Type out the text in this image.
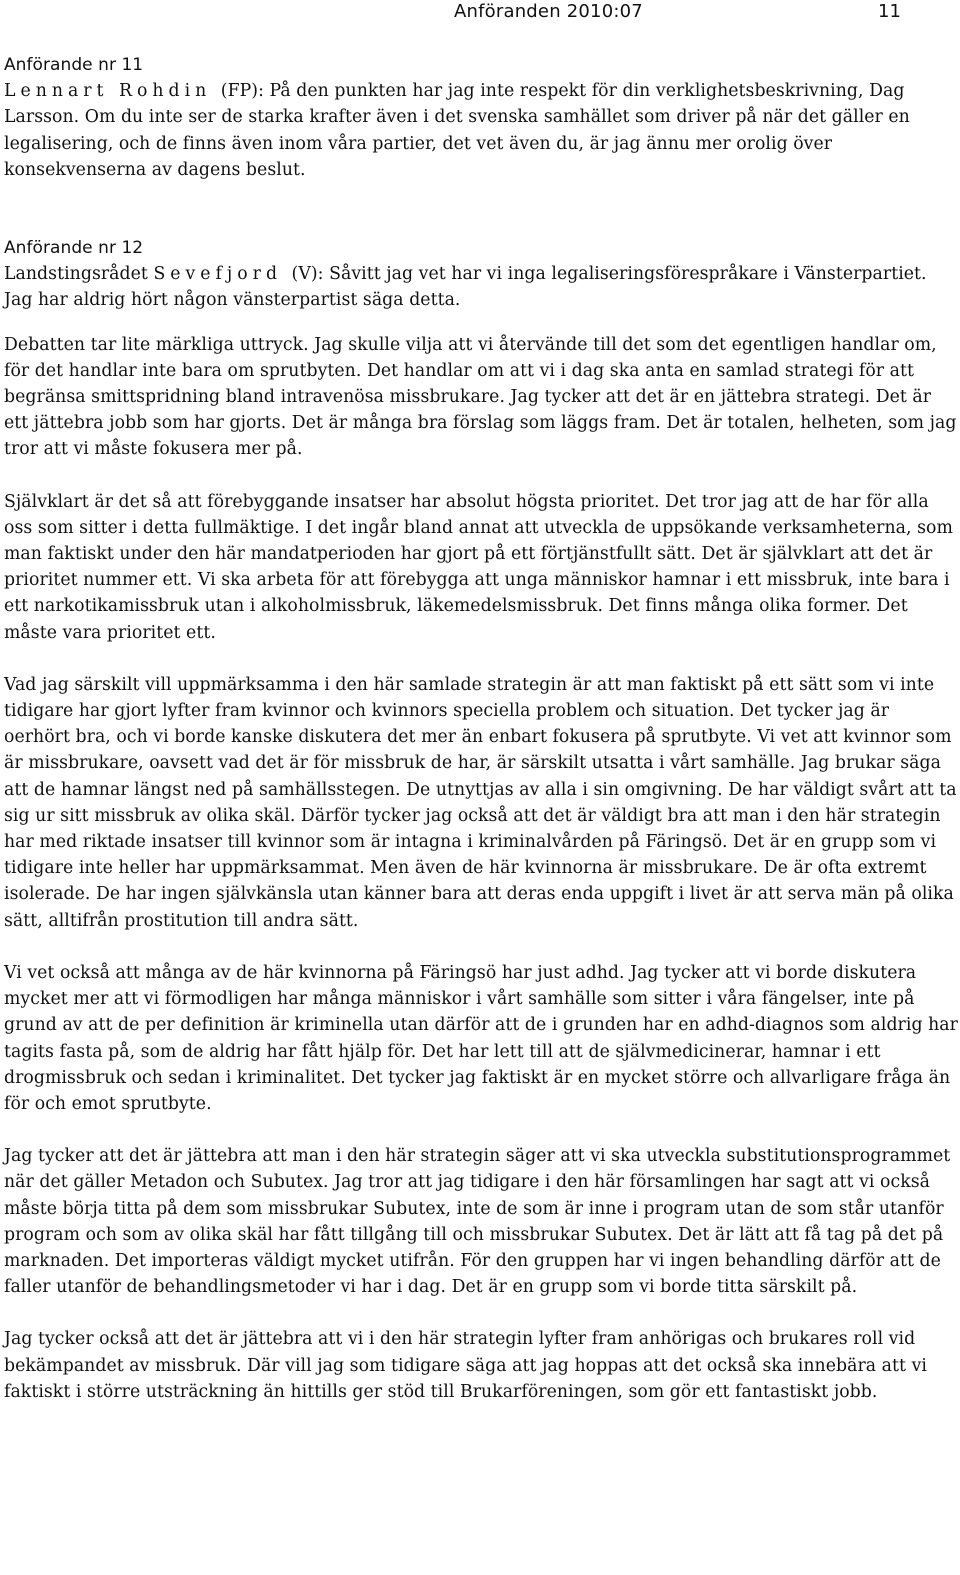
Anföranden 2010:07	11
Anförande nr 11

Lennart Rohdin (FP): På den punkten har jag inte respekt för din verklighetsbeskrivning, Dag Larsson. Om du inte ser de starka krafter även i det svenska samhället som driver på när det gäller en legalisering, och de finns även inom våra partier, det vet även du, är jag ännu mer orolig över konsekvenserna av dagens beslut.

Anförande nr 12

Landstingsrådet Sevefjord (V): Såvitt jag vet har vi inga legaliseringsförespråkare i Vänsterpartiet. Jag har aldrig hört någon vänsterpartist säga detta.

Debatten tar lite märkliga uttryck. Jag skulle vilja att vi återvände till det som det egentligen handlar om, för det handlar inte bara om sprutbyten. Det handlar om att vi i dag ska anta en samlad strategi för att begränsa smittspridning bland intravenösa missbrukare. Jag tycker att det är en jättebra strategi. Det är ett jättebra jobb som har gjorts. Det är många bra förslag som läggs fram. Det är totalen, helheten, som jag tror att vi måste fokusera mer på.

Självklart är det så att förebyggande insatser har absolut högsta prioritet. Det tror jag att de har för alla oss som sitter i detta fullmäktige. I det ingår bland annat att utveckla de uppsökande verksamheterna, som man faktiskt under den här mandatperioden har gjort på ett förtjänstfullt sätt. Det är självklart att det är prioritet nummer ett. Vi ska arbeta för att förebygga att unga människor hamnar i ett missbruk, inte bara i ett narkotikamissbruk utan i alkoholmissbruk, läkemedelsmissbruk. Det finns många olika former. Det måste vara prioritet ett.

Vad jag särskilt vill uppmärksamma i den här samlade strategin är att man faktiskt på ett sätt som vi inte tidigare har gjort lyfter fram kvinnor och kvinnors speciella problem och situation. Det tycker jag är oerhört bra, och vi borde kanske diskutera det mer än enbart fokusera på sprutbyte. Vi vet att kvinnor som är missbrukare, oavsett vad det är för missbruk de har, är särskilt utsatta i vårt samhälle. Jag brukar säga att de hamnar längst ned på samhällsstegen. De utnyttjas av alla i sin omgivning. De har väldigt svårt att ta sig ur sitt missbruk av olika skäl. Därför tycker jag också att det är väldigt bra att man i den här strategin har med riktade insatser till kvinnor som är intagna i kriminalvården på Färingsö. Det är en grupp som vi tidigare inte heller har uppmärksammat. Men även de här kvinnorna är missbrukare. De är ofta extremt isolerade. De har ingen självkänsla utan känner bara att deras enda uppgift i livet är att serva män på olika sätt, alltifrån prostitution till andra sätt.

Vi vet också att många av de här kvinnorna på Färingsö har just adhd. Jag tycker att vi borde diskutera mycket mer att vi förmodligen har många människor i vårt samhälle som sitter i våra fängelser, inte på grund av att de per definition är kriminella utan därför att de i grunden har en adhd-diagnos som aldrig har tagits fasta på, som de aldrig har fått hjälp för. Det har lett till att de självmedicinerar, hamnar i ett drogmissbruk och sedan i kriminalitet. Det tycker jag faktiskt är en mycket större och allvarligare fråga än för och emot sprutbyte.

Jag tycker att det är jättebra att man i den här strategin säger att vi ska utveckla substitutionsprogrammet när det gäller Metadon och Subutex. Jag tror att jag tidigare i den här församlingen har sagt att vi också måste börja titta på dem som missbrukar Subutex, inte de som är inne i program utan de som står utanför program och som av olika skäl har fått tillgång till och missbrukar Subutex. Det är lätt att få tag på det på marknaden. Det importeras väldigt mycket utifrån. För den gruppen har vi ingen behandling därför att de faller utanför de behandlingsmetoder vi har i dag. Det är en grupp som vi borde titta särskilt på.

Jag tycker också att det är jättebra att vi i den här strategin lyfter fram anhörigas och brukares roll vid bekämpandet av missbruk. Där vill jag som tidigare säga att jag hoppas att det också ska innebära att vi faktiskt i större utsträckning än hittills ger stöd till Brukarföreningen, som gör ett fantastiskt jobb.
